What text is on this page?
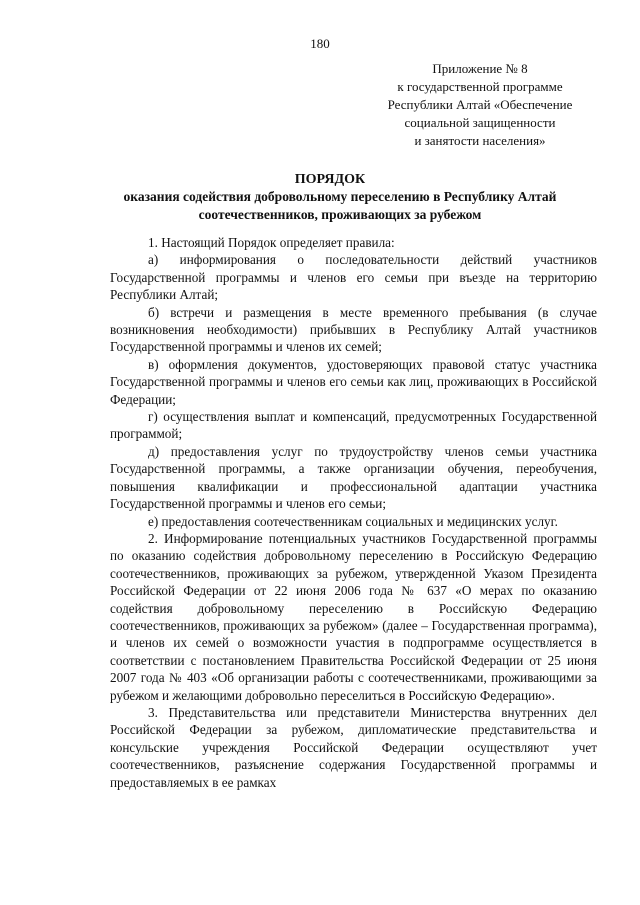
180
Приложение № 8
к государственной программе
Республики Алтай «Обеспечение
социальной защищенности
и занятости населения»
ПОРЯДОК
оказания содействия добровольному переселению в Республику Алтай
соотечественников, проживающих за рубежом

1. Настоящий Порядок определяет правила:

а) информирования о последовательности действий участников Государственной программы и членов его семьи при въезде на территорию Республики Алтай;

б) встречи и размещения в месте временного пребывания (в случае возникновения необходимости) прибывших в Республику Алтай участников Государственной программы и членов их семей;

в) оформления документов, удостоверяющих правовой статус участника Государственной программы и членов его семьи как лиц, проживающих в Российской Федерации;

г) осуществления выплат и компенсаций, предусмотренных Государственной программой;

д) предоставления услуг по трудоустройству членов семьи участника Государственной программы, а также организации обучения, переобучения, повышения квалификации и профессиональной адаптации участника Государственной программы и членов его семьи;

е) предоставления соотечественникам социальных и медицинских услуг.

2. Информирование потенциальных участников Государственной программы по оказанию содействия добровольному переселению в Российскую Федерацию соотечественников, проживающих за рубежом, утвержденной Указом Президента Российской Федерации от 22 июня 2006 года № 637 «О мерах по оказанию содействия добровольному переселению в Российскую Федерацию соотечественников, проживающих за рубежом» (далее – Государственная программа), и членов их семей о возможности участия в подпрограмме осуществляется в соответствии с постановлением Правительства Российской Федерации от 25 июня 2007 года № 403 «Об организации работы с соотечественниками, проживающими за рубежом и желающими добровольно переселиться в Российскую Федерацию».

3. Представительства или представители Министерства внутренних дел Российской Федерации за рубежом, дипломатические представительства и консульские учреждения Российской Федерации осуществляют учет соотечественников, разъяснение содержания Государственной программы и предоставляемых в ее рамках
